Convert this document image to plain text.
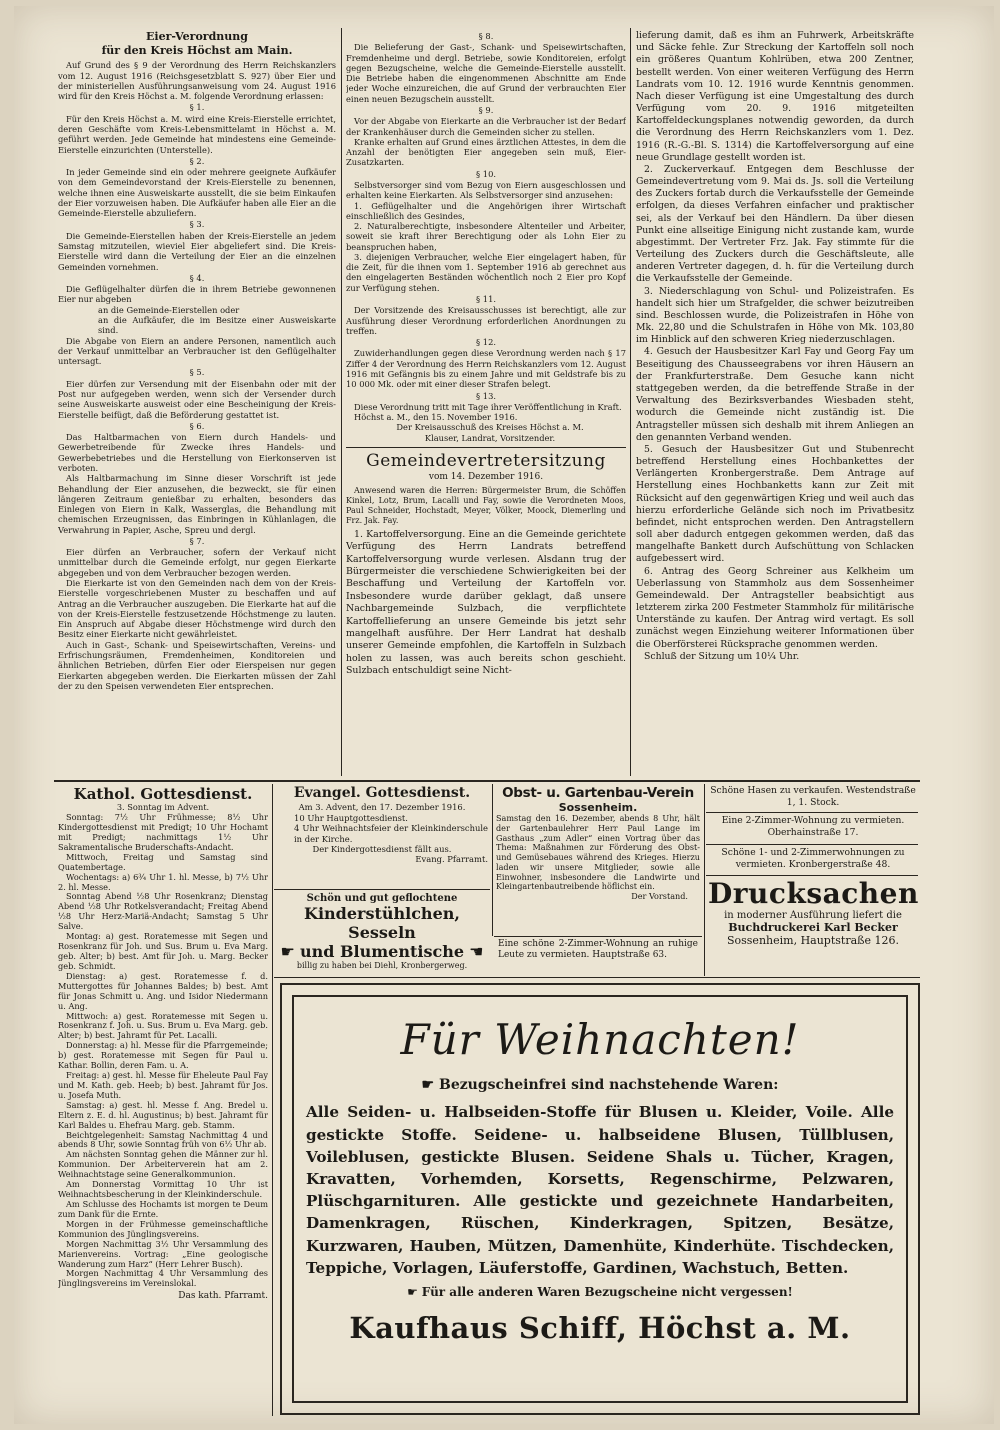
Eier-Verordnung
für den Kreis Höchst am Main.

Auf Grund des § 9 der Verordnung des Herrn Reichskanzlers vom 12. August 1916 (Reichsgesetzblatt S. 927) über Eier und der ministeriellen Ausführungsanweisung vom 24. August 1916 wird für den Kreis Höchst a. M. folgende Verordnung erlassen:

§ 1.

Für den Kreis Höchst a. M. wird eine Kreis-Eierstelle errichtet, deren Geschäfte vom Kreis-Lebensmittelamt in Höchst a. M. geführt werden. Jede Gemeinde hat mindestens eine Gemeinde-Eierstelle einzurichten (Unterstelle).

§ 2.

In jeder Gemeinde sind ein oder mehrere geeignete Aufkäufer von dem Gemeindevorstand der Kreis-Eierstelle zu benennen, welche ihnen eine Ausweiskarte ausstellt, die sie beim Einkaufen der Eier vorzuweisen haben. Die Aufkäufer haben alle Eier an die Gemeinde-Eierstelle abzuliefern.

§ 3.

Die Gemeinde-Eierstellen haben der Kreis-Eierstelle an jedem Samstag mitzuteilen, wieviel Eier abgeliefert sind. Die Kreis-Eierstelle wird dann die Verteilung der Eier an die einzelnen Gemeinden vornehmen.

§ 4.

Die Geflügelhalter dürfen die in ihrem Betriebe gewonnenen Eier nur abgeben

an die Gemeinde-Eierstellen oder

an die Aufkäufer, die im Besitze einer Ausweiskarte sind.

Die Abgabe von Eiern an andere Personen, namentlich auch der Verkauf unmittelbar an Verbraucher ist den Geflügelhalter untersagt.

§ 5.

Eier dürfen zur Versendung mit der Eisenbahn oder mit der Post nur aufgegeben werden, wenn sich der Versender durch seine Ausweiskarte ausweist oder eine Bescheinigung der Kreis-Eierstelle beifügt, daß die Beförderung gestattet ist.

§ 6.

Das Haltbarmachen von Eiern durch Handels- und Gewerbetreibende für Zwecke ihres Handels- und Gewerbebetriebes und die Herstellung von Eierkonserven ist verboten.

Als Haltbarmachung im Sinne dieser Vorschrift ist jede Behandlung der Eier anzusehen, die bezweckt, sie für einen längeren Zeitraum genießbar zu erhalten, besonders das Einlegen von Eiern in Kalk, Wasserglas, die Behandlung mit chemischen Erzeugnissen, das Einbringen in Kühlanlagen, die Verwahrung in Papier, Asche, Spreu und dergl.

§ 7.

Eier dürfen an Verbraucher, sofern der Verkauf nicht unmittelbar durch die Gemeinde erfolgt, nur gegen Eierkarte abgegeben und von dem Verbraucher bezogen werden.

Die Eierkarte ist von den Gemeinden nach dem von der Kreis-Eierstelle vorgeschriebenen Muster zu beschaffen und auf Antrag an die Verbraucher auszugeben. Die Eierkarte hat auf die von der Kreis-Eierstelle festzusetzende Höchstmenge zu lauten. Ein Anspruch auf Abgabe dieser Höchstmenge wird durch den Besitz einer Eierkarte nicht gewährleistet.

Auch in Gast-, Schank- und Speisewirtschaften, Vereins- und Erfrischungsräumen, Fremdenheimen, Konditoreien und ähnlichen Betrieben, dürfen Eier oder Eierspeisen nur gegen Eierkarten abgegeben werden. Die Eierkarten müssen der Zahl der zu den Speisen verwendeten Eier entsprechen.

§ 8.

Die Belieferung der Gast-, Schank- und Speisewirtschaften, Fremdenheime und dergl. Betriebe, sowie Konditoreien, erfolgt gegen Bezugscheine, welche die Gemeinde-Eierstelle ausstellt. Die Betriebe haben die eingenommenen Abschnitte am Ende jeder Woche einzureichen, die auf Grund der verbrauchten Eier einen neuen Bezugschein ausstellt.

§ 9.

Vor der Abgabe von Eierkarte an die Verbraucher ist der Bedarf der Krankenhäuser durch die Gemeinden sicher zu stellen.

Kranke erhalten auf Grund eines ärztlichen Attestes, in dem die Anzahl der benötigten Eier angegeben sein muß, Eier-Zusatzkarten.

§ 10.

Selbstversorger sind vom Bezug von Eiern ausgeschlossen und erhalten keine Eierkarten. Als Selbstversorger sind anzusehen:

1. Geflügelhalter und die Angehörigen ihrer Wirtschaft einschließlich des Gesindes,

2. Naturalberechtigte, insbesondere Altenteiler und Arbeiter, soweit sie kraft ihrer Berechtigung oder als Lohn Eier zu beanspruchen haben,

3. diejenigen Verbraucher, welche Eier eingelagert haben, für die Zeit, für die ihnen vom 1. September 1916 ab gerechnet aus den eingelagerten Beständen wöchentlich noch 2 Eier pro Kopf zur Verfügung stehen.

§ 11.

Der Vorsitzende des Kreisausschusses ist berechtigt, alle zur Ausführung dieser Verordnung erforderlichen Anordnungen zu treffen.

§ 12.

Zuwiderhandlungen gegen diese Verordnung werden nach § 17 Ziffer 4 der Verordnung des Herrn Reichskanzlers vom 12. August 1916 mit Gefängnis bis zu einem Jahre und mit Geldstrafe bis zu 10 000 Mk. oder mit einer dieser Strafen belegt.

§ 13.

Diese Verordnung tritt mit Tage ihrer Veröffentlichung in Kraft.

Höchst a. M., den 15. November 1916.

Der Kreisausschuß des Kreises Höchst a. M.

Klauser, Landrat, Vorsitzender.

Gemeindevertretersitzung
vom 14. Dezember 1916.

Anwesend waren die Herren: Bürgermeister Brum, die Schöffen Kinkel, Lotz, Brum, Lacalli und Fay, sowie die Verordneten Moos, Paul Schneider, Hochstadt, Meyer, Völker, Moock, Diemerling und Frz. Jak. Fay.

1. Kartoffelversorgung. Eine an die Gemeinde gerichtete Verfügung des Herrn Landrats betreffend Kartoffelversorgung wurde verlesen. Alsdann trug der Bürgermeister die verschiedene Schwierigkeiten bei der Beschaffung und Verteilung der Kartoffeln vor. Insbesondere wurde darüber geklagt, daß unsere Nachbargemeinde Sulzbach, die verpflichtete Kartoffellieferung an unsere Gemeinde bis jetzt sehr mangelhaft ausführe. Der Herr Landrat hat deshalb unserer Gemeinde empfohlen, die Kartoffeln in Sulzbach holen zu lassen, was auch bereits schon geschieht. Sulzbach entschuldigt seine Nicht-

lieferung damit, daß es ihm an Fuhrwerk, Arbeitskräfte und Säcke fehle. Zur Streckung der Kartoffeln soll noch ein größeres Quantum Kohlrüben, etwa 200 Zentner, bestellt werden. Von einer weiteren Verfügung des Herrn Landrats vom 10. 12. 1916 wurde Kenntnis genommen. Nach dieser Verfügung ist eine Umgestaltung des durch Verfügung vom 20. 9. 1916 mitgeteilten Kartoffeldeckungsplanes notwendig geworden, da durch die Verordnung des Herrn Reichskanzlers vom 1. Dez. 1916 (R.-G.-Bl. S. 1314) die Kartoffelversorgung auf eine neue Grundlage gestellt worden ist.

2. Zuckerverkauf. Entgegen dem Beschlusse der Gemeindevertretung vom 9. Mai ds. Js. soll die Verteilung des Zuckers fortab durch die Verkaufsstelle der Gemeinde erfolgen, da dieses Verfahren einfacher und praktischer sei, als der Verkauf bei den Händlern. Da über diesen Punkt eine allseitige Einigung nicht zustande kam, wurde abgestimmt. Der Vertreter Frz. Jak. Fay stimmte für die Verteilung des Zuckers durch die Geschäftsleute, alle anderen Vertreter dagegen, d. h. für die Verteilung durch die Verkaufsstelle der Gemeinde.

3. Niederschlagung von Schul- und Polizeistrafen. Es handelt sich hier um Strafgelder, die schwer beizutreiben sind. Beschlossen wurde, die Polizeistrafen in Höhe von Mk. 22,80 und die Schulstrafen in Höhe von Mk. 103,80 im Hinblick auf den schweren Krieg niederzuschlagen.

4. Gesuch der Hausbesitzer Karl Fay und Georg Fay um Beseitigung des Chausseegrabens vor ihren Häusern an der Frankfurterstraße. Dem Gesuche kann nicht stattgegeben werden, da die betreffende Straße in der Verwaltung des Bezirksverbandes Wiesbaden steht, wodurch die Gemeinde nicht zuständig ist. Die Antragsteller müssen sich deshalb mit ihrem Anliegen an den genannten Verband wenden.

5. Gesuch der Hausbesitzer Gut und Stubenrecht betreffend Herstellung eines Hochbankettes der Verlängerten Kronbergerstraße. Dem Antrage auf Herstellung eines Hochbanketts kann zur Zeit mit Rücksicht auf den gegenwärtigen Krieg und weil auch das hierzu erforderliche Gelände sich noch im Privatbesitz befindet, nicht entsprochen werden. Den Antragstellern soll aber dadurch entgegen gekommen werden, daß das mangelhafte Bankett durch Aufschüttung von Schlacken aufgebessert wird.

6. Antrag des Georg Schreiner aus Kelkheim um Ueberlassung von Stammholz aus dem Sossenheimer Gemeindewald. Der Antragsteller beabsichtigt aus letzterem zirka 200 Festmeter Stammholz für militärische Unterstände zu kaufen. Der Antrag wird vertagt. Es soll zunächst wegen Einziehung weiterer Informationen über die Oberförsterei Rücksprache genommen werden.

Schluß der Sitzung um 10¼ Uhr.

Kathol. Gottesdienst.
3. Sonntag im Advent.

Sonntag: 7½ Uhr Frühmesse; 8½ Uhr Kindergottesdienst mit Predigt; 10 Uhr Hochamt mit Predigt; nachmittags 1½ Uhr Sakramentalische Bruderschafts-Andacht.

Mittwoch, Freitag und Samstag sind Quatembertage.

Wochentags: a) 6¾ Uhr 1. hl. Messe, b) 7½ Uhr 2. hl. Messe.

Sonntag Abend ½8 Uhr Rosenkranz; Dienstag Abend ½8 Uhr Rotkelsverandacht; Freitag Abend ½8 Uhr Herz-Mariä-Andacht; Samstag 5 Uhr Salve.

Montag: a) gest. Roratemesse mit Segen und Rosenkranz für Joh. und Sus. Brum u. Eva Marg. geb. Alter; b) best. Amt für Joh. u. Marg. Becker geb. Schmidt.

Dienstag: a) gest. Roratemesse f. d. Muttergottes für Johannes Baldes; b) best. Amt für Jonas Schmitt u. Ang. und Isidor Niedermann u. Ang.

Mittwoch: a) gest. Roratemesse mit Segen u. Rosenkranz f. Joh. u. Sus. Brum u. Eva Marg. geb. Alter; b) best. Jahramt für Pet. Lacalli.

Donnerstag: a) hl. Messe für die Pfarrgemeinde; b) gest. Roratemesse mit Segen für Paul u. Kathar. Bollin, deren Fam. u. A.

Freitag: a) gest. hl. Messe für Eheleute Paul Fay und M. Kath. geb. Heeb; b) best. Jahramt für Jos. u. Josefa Muth.

Samstag: a) gest. hl. Messe f. Ang. Bredel u. Eltern z. E. d. hl. Augustinus; b) best. Jahramt für Karl Baldes u. Ehefrau Marg. geb. Stamm.

Beichtgelegenheit: Samstag Nachmittag 4 und abends 8 Uhr, sowie Sonntag früh von 6½ Uhr ab.

Am nächsten Sonntag gehen die Männer zur hl. Kommunion. Der Arbeiterverein hat am 2. Weihnachtstage seine Generalkommunion.

Am Donnerstag Vormittag 10 Uhr ist Weihnachtsbescherung in der Kleinkinderschule.

Am Schlusse des Hochamts ist morgen te Deum zum Dank für die Ernte.

Morgen in der Frühmesse gemeinschaftliche Kommunion des Jünglingsvereins.

Morgen Nachmittag 3½ Uhr Versammlung des Marienvereins. Vortrag: „Eine geologische Wanderung zum Harz“ (Herr Lehrer Busch).

Morgen Nachmittag 4 Uhr Versammlung des Jünglingsvereins im Vereinslokal.

Das kath. Pfarramt.
Evangel. Gottesdienst.
Am 3. Advent, den 17. Dezember 1916.
10 Uhr Hauptgottesdienst.
4 Uhr Weihnachtsfeier der Kleinkinderschule in der Kirche.
Der Kindergottesdienst fällt aus.
Evang. Pfarramt.
Schön und gut geflochtene
Kinderstühlchen, Sesseln
☛ und Blumentische ☚
billig zu haben bei Diehl, Kronbergerweg.
Obst- u. Gartenbau-Verein
Sossenheim.
Samstag den 16. Dezember, abends 8 Uhr, hält der Gartenbaulehrer Herr Paul Lange im Gasthaus „zum Adler“ einen Vortrag über das Thema: Maßnahmen zur Förderung des Obst- und Gemüsebaues während des Krieges. Hierzu laden wir unsere Mitglieder, sowie alle Einwohner, insbesondere die Landwirte und Kleingartenbautreibende höflichst ein.
Der Vorstand.
Eine schöne 2-Zimmer-Wohnung an ruhige Leute zu vermieten. Hauptstraße 63.
Schöne Hasen zu verkaufen. Westendstraße 1, 1. Stock.
Eine 2-Zimmer-Wohnung zu vermieten. Oberhainstraße 17.
Schöne 1- und 2-Zimmerwohnungen zu vermieten. Kronbergerstraße 48.
Drucksachen
in moderner Ausführung liefert die
Buchdruckerei Karl Becker
Sossenheim, Hauptstraße 126.
Für Weihnachten!
☛ Bezugscheinfrei sind nachstehende Waren:
Alle Seiden- u. Halbseiden-Stoffe für Blusen u. Kleider, Voile. Alle gestickte Stoffe. Seidene- u. halbseidene Blusen, Tüllblusen, Voileblusen, gestickte Blusen. Seidene Shals u. Tücher, Kragen, Kravatten, Vorhemden, Korsetts, Regenschirme, Pelzwaren, Plüschgarnituren. Alle gestickte und gezeichnete Handarbeiten, Damenkragen, Rüschen, Kinderkragen, Spitzen, Besätze, Kurzwaren, Hauben, Mützen, Damenhüte, Kinderhüte. Tischdecken, Teppiche, Vorlagen, Läuferstoffe, Gardinen, Wachstuch, Betten.
☛ Für alle anderen Waren Bezugscheine nicht vergessen!
Kaufhaus Schiff, Höchst a. M.
